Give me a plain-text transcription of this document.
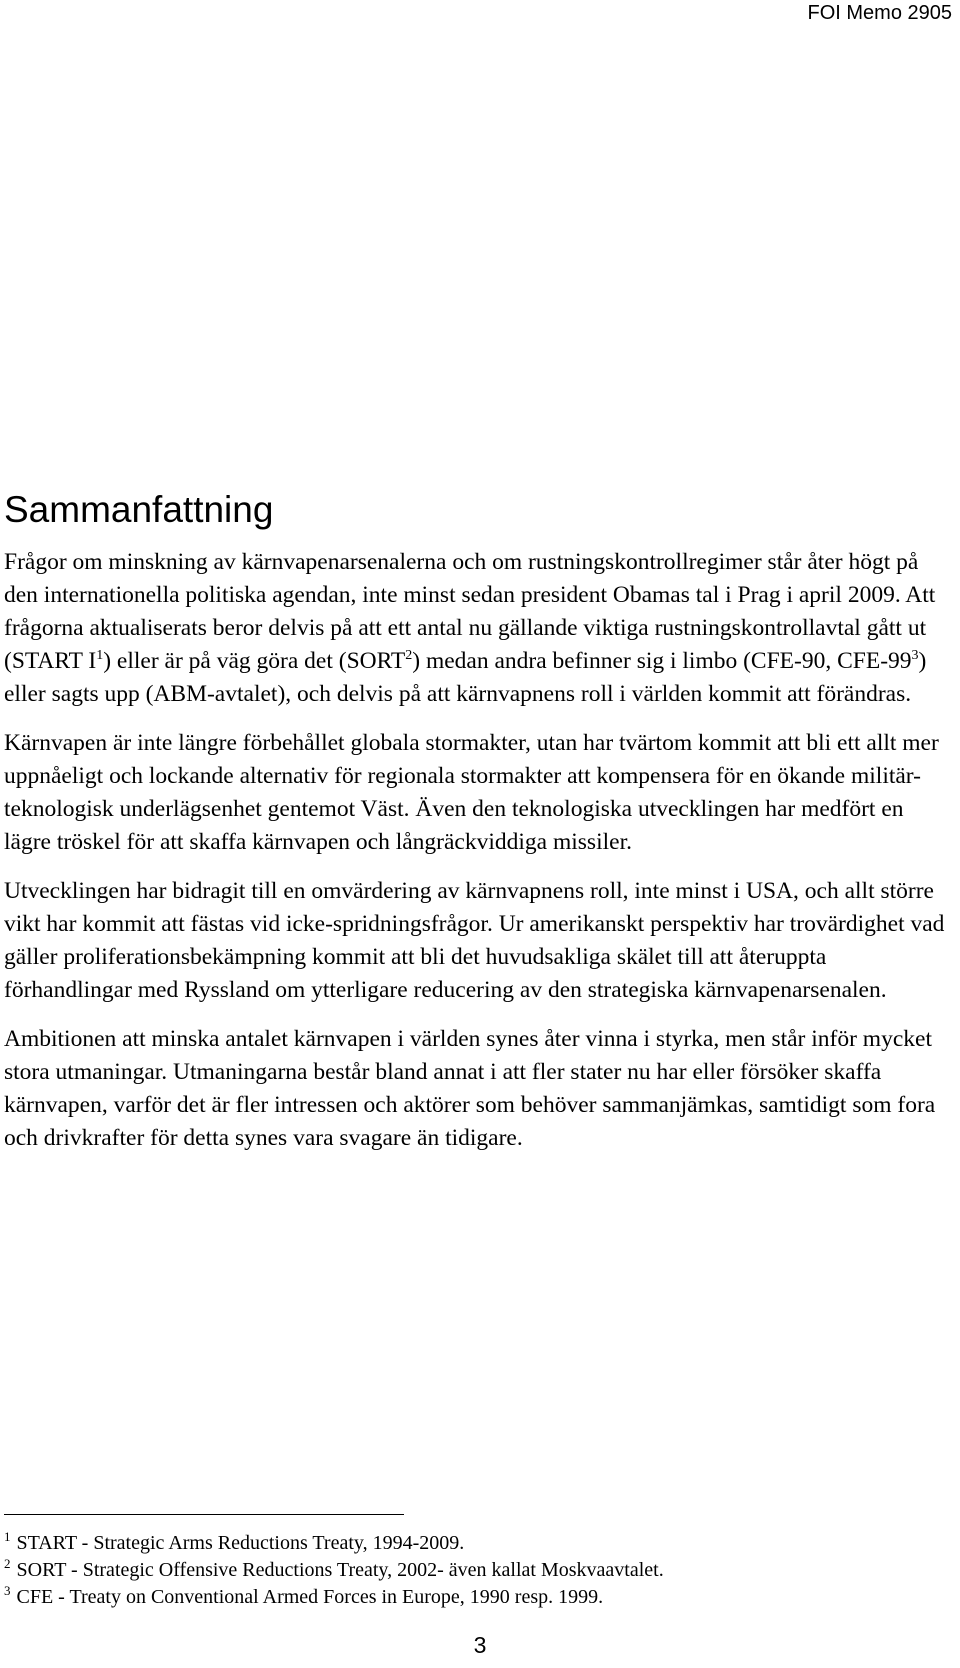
FOI Memo 2905
Sammanfattning

Frågor om minskning av kärnvapenarsenalerna och om rustningskontrollregimer står åter högt på den internationella politiska agendan, inte minst sedan president Obamas tal i Prag i april 2009. Att frågorna aktualiserats beror delvis på att ett antal nu gällande viktiga rustningskontrollavtal gått ut (START $I^1$) eller är på väg göra det (SORT$^2$) medan andra befinner sig i limbo (CFE-90, CFE-$99^3$) eller sagts upp (ABM-avtalet), och delvis på att kärnvapnens roll i världen kommit att förändras.

Kärnvapen är inte längre förbehållet globala stormakter, utan har tvärtom kommit att bli ett allt mer uppnåeligt och lockande alternativ för regionala stormakter att kompensera för en ökande militär-teknologisk underlägsenhet gentemot Väst. Även den teknologiska utvecklingen har medfört en lägre tröskel för att skaffa kärnvapen och långräckviddiga missiler.

Utvecklingen har bidragit till en omvärdering av kärnvapnens roll, inte minst i USA, och allt större vikt har kommit att fästas vid icke-spridningsfrågor. Ur amerikanskt perspektiv har trovärdighet vad gäller proliferationsbekämpning kommit att bli det huvudsakliga skälet till att återuppta förhandlingar med Ryssland om ytterligare reducering av den strategiska kärnvapenarsenalen.

Ambitionen att minska antalet kärnvapen i världen synes åter vinna i styrka, men står inför mycket stora utmaningar. Utmaningarna består bland annat i att fler stater nu har eller försöker skaffa kärnvapen, varför det är fler intressen och aktörer som behöver sammanjämkas, samtidigt som fora och drivkrafter för detta synes vara svagare än tidigare.

$^1$ START - Strategic Arms Reductions Treaty, 1994-2009.
$^2$ SORT - Strategic Offensive Reductions Treaty, 2002- även kallat Moskvaavtalet.
$^3$ CFE - Treaty on Conventional Armed Forces in Europe, 1990 resp. 1999.
3
